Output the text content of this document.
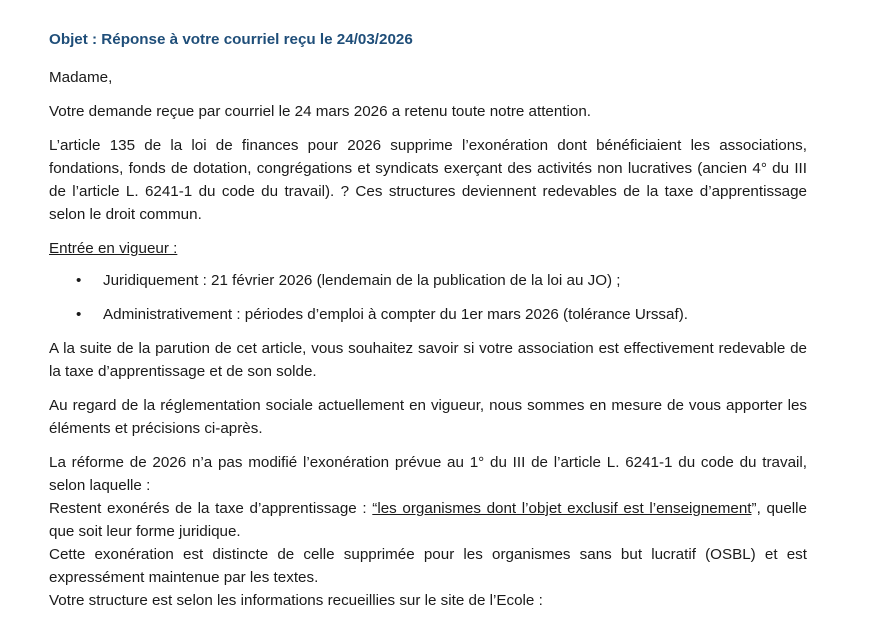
Objet : Réponse à votre courriel reçu le 24/03/2026

Madame,

Votre demande reçue par courriel le 24 mars 2026 a retenu toute notre attention.

L’article 135 de la loi de finances pour 2026 supprime l’exonération dont bénéficiaient les associations, fondations, fonds de dotation, congrégations et syndicats exerçant des activités non lucratives (ancien 4° du III de l’article L. 6241-1 du code du travail). ? Ces structures deviennent redevables de la taxe d’apprentissage selon le droit commun.

Entrée en vigueur :
• Juridiquement : 21 février 2026 (lendemain de la publication de la loi au JO) ;
• Administrativement : périodes d’emploi à compter du 1er mars 2026 (tolérance Urssaf).

A la suite de la parution de cet article, vous souhaitez savoir si votre association est effectivement redevable de la taxe d’apprentissage et de son solde.

Au regard de la réglementation sociale actuellement en vigueur, nous sommes en mesure de vous apporter les éléments et précisions ci-après.

La réforme de 2026 n’a pas modifié l’exonération prévue au 1° du III de l’article L. 6241-1 du code du travail, selon laquelle :

Restent exonérés de la taxe d’apprentissage : “les organismes dont l’objet exclusif est l’enseignement”, quelle que soit leur forme juridique.

Cette exonération est distincte de celle supprimée pour les organismes sans but lucratif (OSBL) et est expressément maintenue par les textes.

Votre structure est selon les informations recueillies sur le site de l’Ecole :
